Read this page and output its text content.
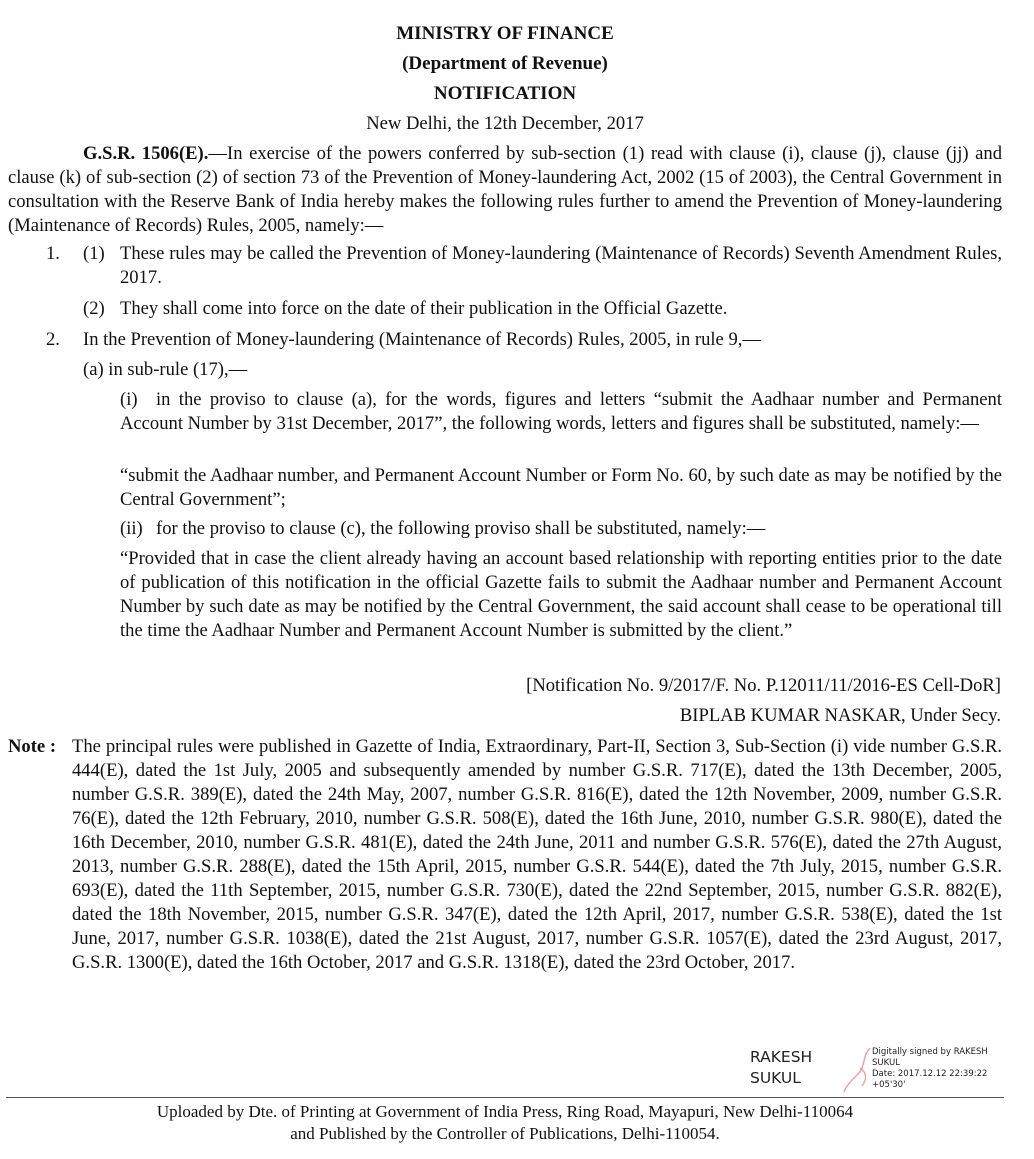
MINISTRY OF FINANCE
(Department of Revenue)
NOTIFICATION
New Delhi, the 12th December, 2017
G.S.R. 1506(E).—In exercise of the powers conferred by sub-section (1) read with clause (i), clause (j), clause (jj) and clause (k) of sub-section (2) of section 73 of the Prevention of Money-laundering Act, 2002 (15 of 2003), the Central Government in consultation with the Reserve Bank of India hereby makes the following rules further to amend the Prevention of Money-laundering (Maintenance of Records) Rules, 2005, namely:—
1. (1) These rules may be called the Prevention of Money-laundering (Maintenance of Records) Seventh Amendment Rules, 2017.
(2) They shall come into force on the date of their publication in the Official Gazette.
2. In the Prevention of Money-laundering (Maintenance of Records) Rules, 2005, in rule 9,—
(a) in sub-rule (17),—
(i) in the proviso to clause (a), for the words, figures and letters “submit the Aadhaar number and Permanent Account Number by 31st December, 2017”, the following words, letters and figures shall be substituted, namely:—
“submit the Aadhaar number, and Permanent Account Number or Form No. 60, by such date as may be notified by the Central Government”;
(ii) for the proviso to clause (c), the following proviso shall be substituted, namely:—
“Provided that in case the client already having an account based relationship with reporting entities prior to the date of publication of this notification in the official Gazette fails to submit the Aadhaar number and Permanent Account Number by such date as may be notified by the Central Government, the said account shall cease to be operational till the time the Aadhaar Number and Permanent Account Number is submitted by the client.”
[Notification No. 9/2017/F. No. P.12011/11/2016-ES Cell-DoR]
BIPLAB KUMAR NASKAR, Under Secy.
Note : The principal rules were published in Gazette of India, Extraordinary, Part-II, Section 3, Sub-Section (i) vide number G.S.R. 444(E), dated the 1st July, 2005 and subsequently amended by number G.S.R. 717(E), dated the 13th December, 2005, number G.S.R. 389(E), dated the 24th May, 2007, number G.S.R. 816(E), dated the 12th November, 2009, number G.S.R. 76(E), dated the 12th February, 2010, number G.S.R. 508(E), dated the 16th June, 2010, number G.S.R. 980(E), dated the 16th December, 2010, number G.S.R. 481(E), dated the 24th June, 2011 and number G.S.R. 576(E), dated the 27th August, 2013, number G.S.R. 288(E), dated the 15th April, 2015, number G.S.R. 544(E), dated the 7th July, 2015, number G.S.R. 693(E), dated the 11th September, 2015, number G.S.R. 730(E), dated the 22nd September, 2015, number G.S.R. 882(E), dated the 18th November, 2015, number G.S.R. 347(E), dated the 12th April, 2017, number G.S.R. 538(E), dated the 1st June, 2017, number G.S.R. 1038(E), dated the 21st August, 2017, number G.S.R. 1057(E), dated the 23rd August, 2017, G.S.R. 1300(E), dated the 16th October, 2017 and G.S.R. 1318(E), dated the 23rd October, 2017.
RAKESH
SUKUL
Digitally signed by RAKESH
SUKUL
Date: 2017.12.12 22:39:22
+05'30'
Uploaded by Dte. of Printing at Government of India Press, Ring Road, Mayapuri, New Delhi-110064
and Published by the Controller of Publications, Delhi-110054.
